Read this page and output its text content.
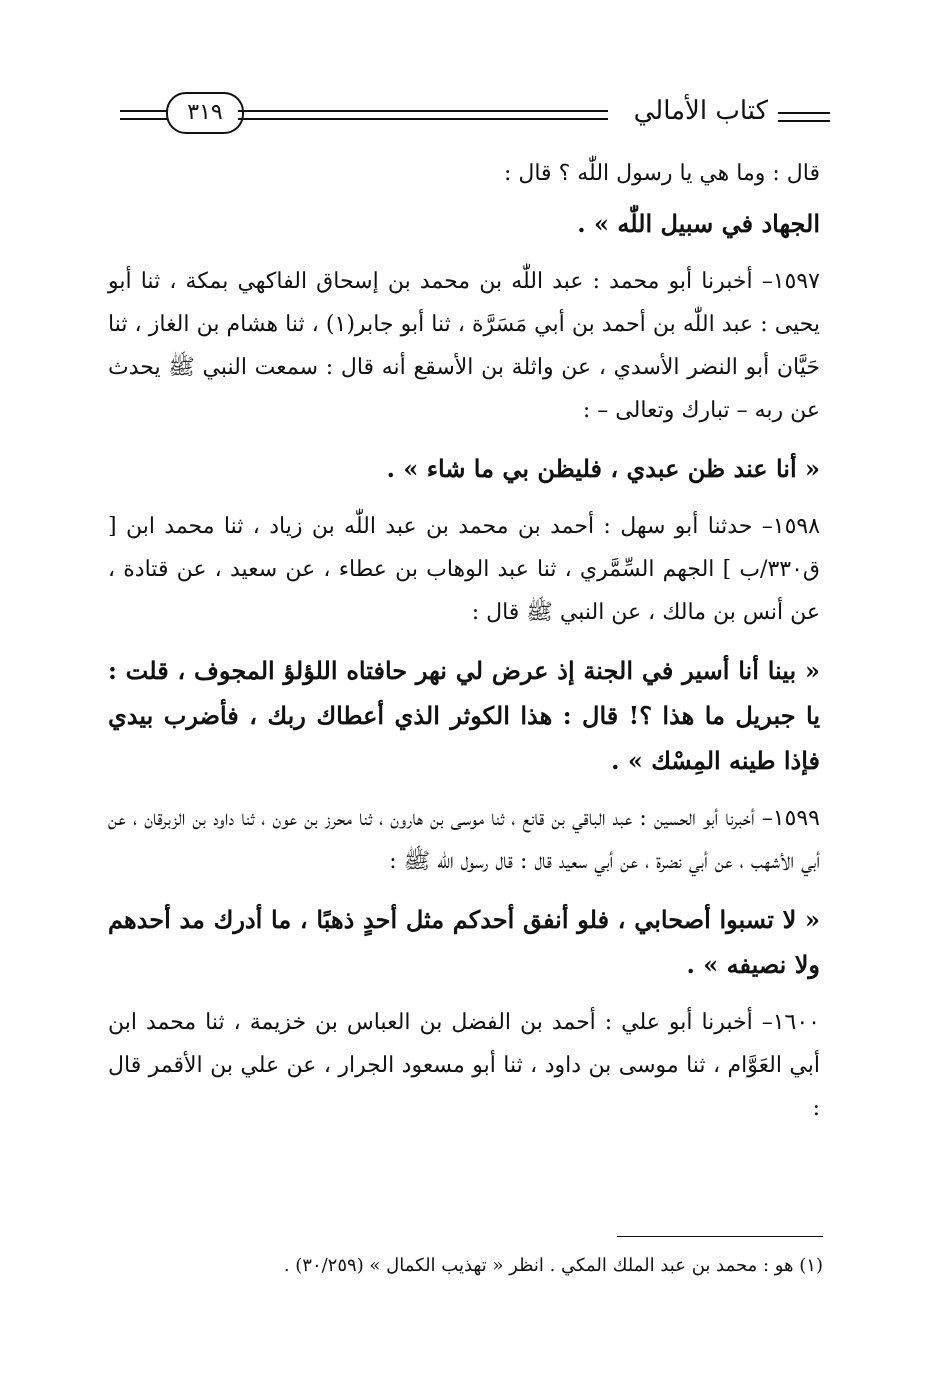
كتاب الأمالي
٣١٩

قال : وما هي يا رسول اللّٰه ؟ قال :

الجهاد في سبيل اللّٰه » .

١٥٩٧– أخبرنا أبو محمد : عبد اللّٰه بن محمد بن إسحاق الفاكهي بمكة ، ثنا أبو يحيى : عبد اللّٰه بن أحمد بن أبي مَسَرَّة ، ثنا أبو جابر(١) ، ثنا هشام بن الغاز ، ثنا حَيَّان أبو النضر الأسدي ، عن واثلة بن الأسقع أنه قال : سمعت النبي ﷺ يحدث عن ربه – تبارك وتعالى – :

« أنا عند ظن عبدي ، فليظن بي ما شاء » .

١٥٩٨– حدثنا أبو سهل : أحمد بن محمد بن عبد اللّٰه بن زياد ، ثنا محمد ابن [ ق٣٣٠/ب ] الجهم السِّمَّري ، ثنا عبد الوهاب بن عطاء ، عن سعيد ، عن قتادة ، عن أنس بن مالك ، عن النبي ﷺ قال :

« بينا أنا أسير في الجنة إذ عرض لي نهر حافتاه اللؤلؤ المجوف ، قلت : يا جبريل ما هذا ؟! قال : هذا الكوثر الذي أعطاك ربك ، فأضرب بيدي فإذا طينه المِسْك » .

١٥٩٩– أخبرنا أبو الحسين : عبد الباقي بن قانع ، ثنا موسى بن هارون ، ثنا محرز بن عون ، ثنا داود بن الزبرقان ، عن أبي الأشهب ، عن أبي نضرة ، عن أبي سعيد قال : قال رسول اللّٰه ﷺ :

« لا تسبوا أصحابي ، فلو أنفق أحدكم مثل أحدٍ ذهبًا ، ما أدرك مد أحدهم ولا نصيفه » .

١٦٠٠– أخبرنا أبو علي : أحمد بن الفضل بن العباس بن خزيمة ، ثنا محمد ابن أبي العَوَّام ، ثنا موسى بن داود ، ثنا أبو مسعود الجرار ، عن علي بن الأقمر قال :

(١) هو : محمد بن عبد الملك المكي . انظر « تهذيب الكمال » (٣٠/٢٥٩) .
